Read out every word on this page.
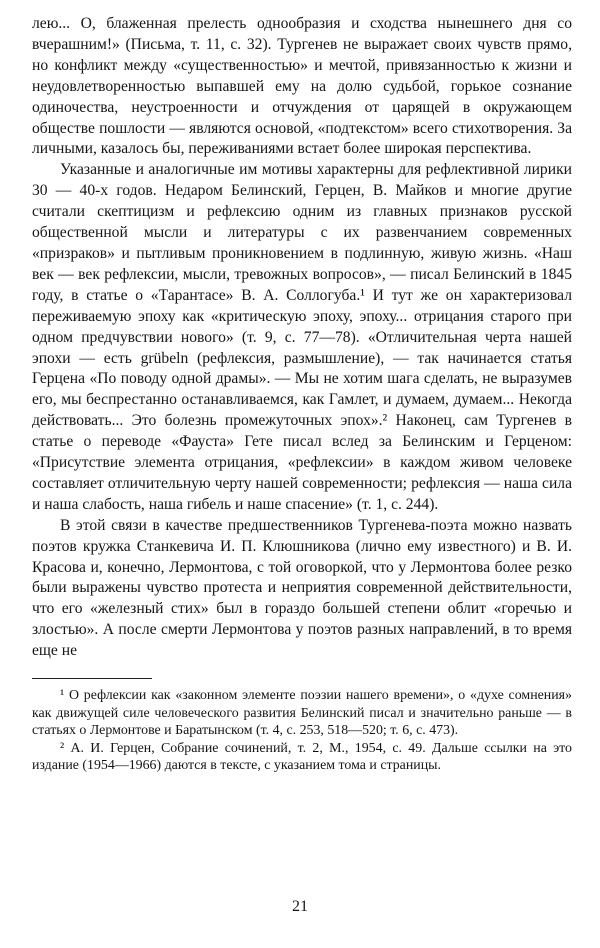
лею... О, блаженная прелесть однообразия и сходства нынешнего дня со вчерашним!» (Письма, т. 11, с. 32). Тургенев не выражает своих чувств прямо, но конфликт между «существенностью» и мечтой, привязанностью к жизни и неудовлетворенностью выпавшей ему на долю судьбой, горькое сознание одиночества, неустроенности и отчуждения от царящей в окружающем обществе пошлости — являются основой, «подтекстом» всего стихотворения. За личными, казалось бы, переживаниями встает более широкая перспектива.

Указанные и аналогичные им мотивы характерны для рефлективной лирики 30 — 40-х годов. Недаром Белинский, Герцен, В. Майков и многие другие считали скептицизм и рефлексию одним из главных признаков русской общественной мысли и литературы с их развенчанием современных «призраков» и пытливым проникновением в подлинную, живую жизнь. «Наш век — век рефлексии, мысли, тревожных вопросов», — писал Белинский в 1845 году, в статье о «Тарантасе» В. А. Соллогуба.¹ И тут же он характеризовал переживаемую эпоху как «критическую эпоху, эпоху... отрицания старого при одном предчувствии нового» (т. 9, с. 77—78). «Отличительная черта нашей эпохи — есть grübeln (рефлексия, размышление), — так начинается статья Герцена «По поводу одной драмы». — Мы не хотим шага сделать, не выразумев его, мы беспрестанно останавливаемся, как Гамлет, и думаем, думаем... Некогда действовать... Это болезнь промежуточных эпох».² Наконец, сам Тургенев в статье о переводе «Фауста» Гете писал вслед за Белинским и Герценом: «Присутствие элемента отрицания, «рефлексии» в каждом живом человеке составляет отличительную черту нашей современности; рефлексия — наша сила и наша слабость, наша гибель и наше спасение» (т. 1, с. 244).

В этой связи в качестве предшественников Тургенева-поэта можно назвать поэтов кружка Станкевича И. П. Клюшникова (лично ему известного) и В. И. Красова и, конечно, Лермонтова, с той оговоркой, что у Лермонтова более резко были выражены чувство протеста и неприятия современной действительности, что его «железный стих» был в гораздо большей степени облит «горечью и злостью». А после смерти Лермонтова у поэтов разных направлений, в то время еще не

¹ О рефлексии как «законном элементе поэзии нашего времени», о «духе сомнения» как движущей силе человеческого развития Белинский писал и значительно раньше — в статьях о Лермонтове и Баратынском (т. 4, с. 253, 518—520; т. 6, с. 473).

² А. И. Герцен, Собрание сочинений, т. 2, М., 1954, с. 49. Дальше ссылки на это издание (1954—1966) даются в тексте, с указанием тома и страницы.

21
